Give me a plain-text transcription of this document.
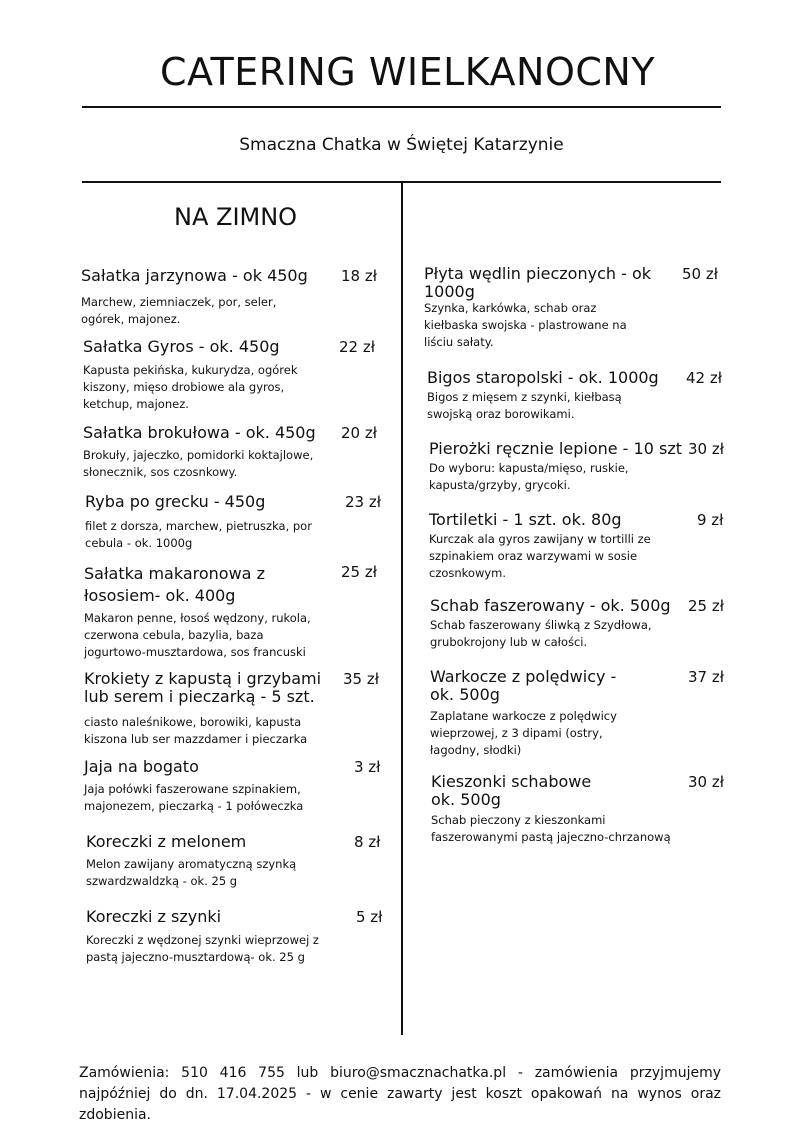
CATERING WIELKANOCNY
Smaczna Chatka w Świętej Katarzynie
NA ZIMNO
Sałatka jarzynowa - ok 450g	18 zł
Marchew, ziemniaczek, por, seler, ogórek, majonez.
Sałatka Gyros - ok. 450g	22 zł
Kapusta pekińska, kukurydza, ogórek kiszony, mięso drobiowe ala gyros, ketchup, majonez.
Sałatka brokułowa - ok. 450g	20 zł
Brokuły, jajeczko, pomidorki koktajlowe, słonecznik, sos czosnkowy.
Ryba po grecku - 450g	23 zł
filet z dorsza, marchew, pietruszka, por cebula - ok. 1000g
Sałatka makaronowa z łososiem- ok. 400g
25 zł
Makaron penne, łosoś wędzony, rukola, czerwona cebula, bazylia, baza jogurtowo-musztardowa, sos francuski
Krokiety z kapustą i grzybami lub serem i pieczarką - 5 szt.
35 zł
ciasto naleśnikowe, borowiki, kapusta kiszona lub ser mazzdamer i pieczarka
Jaja na bogato	3 zł
Jaja połówki faszerowane szpinakiem, majonezem, pieczarką - 1 połóweczka
Koreczki z melonem	8 zł
Melon zawijany aromatyczną szynką szwardzwaldzką - ok. 25 g
Koreczki z szynki	5 zł
Koreczki z wędzonej szynki wieprzowej z pastą jajeczno-musztardową- ok. 25 g
Płyta wędlin pieczonych - ok 1000g
50 zł
Szynka, karkówka, schab oraz kiełbaska swojska - plastrowane na liściu sałaty.
Bigos staropolski - ok. 1000g	42 zł
Bigos z mięsem z szynki, kiełbasą swojską oraz borowikami.
Pierożki ręcznie lepione - 10 szt 30 zł
Do wyboru: kapusta/mięso, ruskie, kapusta/grzyby, grycoki.
Tortiletki - 1 szt. ok. 80g	9 zł
Kurczak ala gyros zawijany w tortilli ze szpinakiem oraz warzywami w sosie czosnkowym.
Schab faszerowany - ok. 500g	25 zł
Schab faszerowany śliwką z Szydłowa, grubokrojony lub w całości.
Warkocze z polędwicy - ok. 500g
37 zł
Zaplatane warkocze z polędwicy wieprzowej, z 3 dipami (ostry, łagodny, słodki)
Kieszonki schabowe ok. 500g
30 zł
Schab pieczony z kieszonkami faszerowanymi pastą jajeczno-chrzanową
Zamówienia: 510 416 755 lub biuro@smacznachatka.pl - zamówienia przyjmujemy najpóźniej do dn. 17.04.2025 - w cenie zawarty jest koszt opakowań na wynos oraz zdobienia.
